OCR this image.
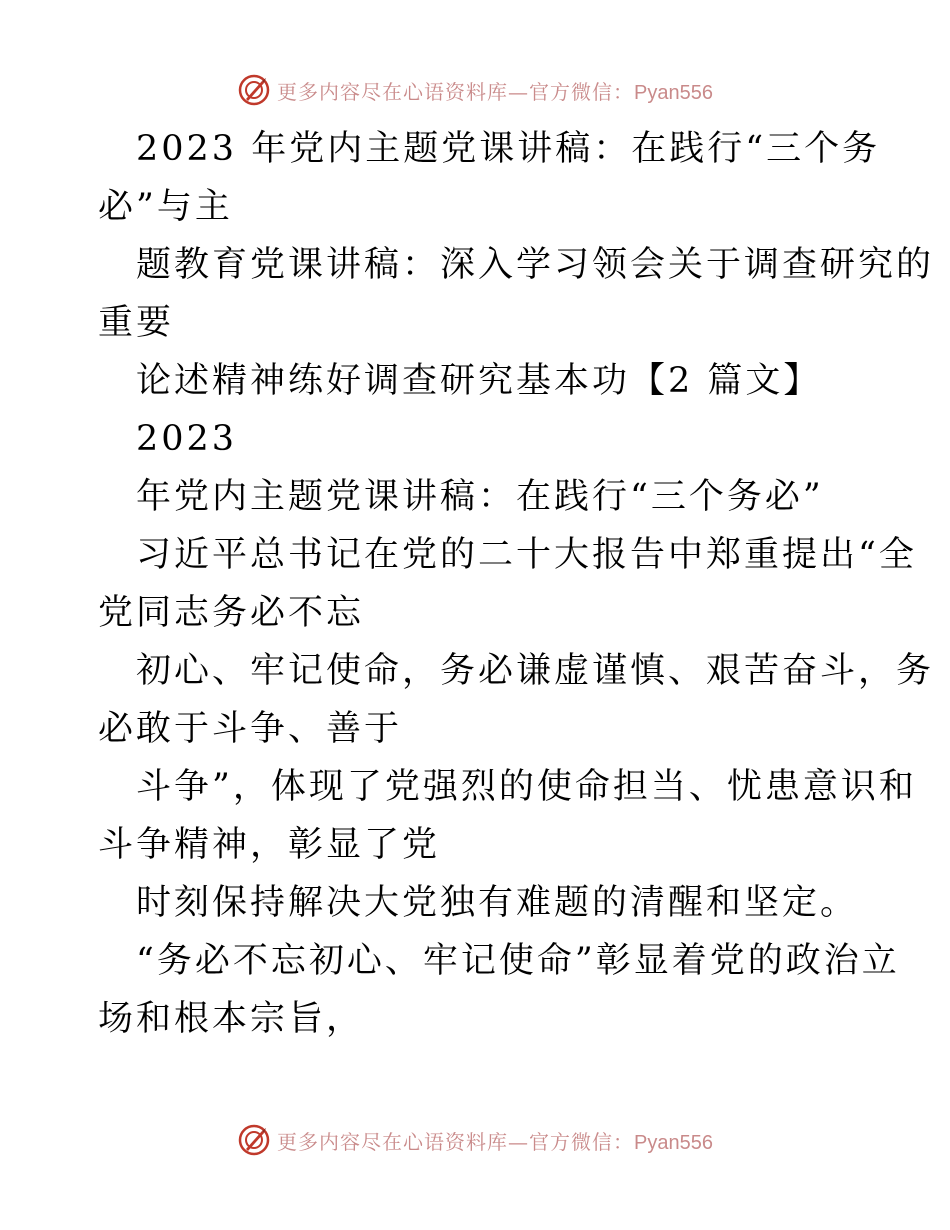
更多内容尽在心语资料库—官方微信：Pyan556
2023 年党内主题党课讲稿：在践行“三个务
必”与主
题教育党课讲稿：深入学习领会关于调查研究的
重要
论述精神练好调查研究基本功【2 篇文】
2023
年党内主题党课讲稿：在践行“三个务必”
习近平总书记在党的二十大报告中郑重提出“全
党同志务必不忘
初心、牢记使命，务必谦虚谨慎、艰苦奋斗，务
必敢于斗争、善于
斗争”，体现了党强烈的使命担当、忧患意识和
斗争精神，彰显了党
时刻保持解决大党独有难题的清醒和坚定。
“务必不忘初心、牢记使命”彰显着党的政治立
场和根本宗旨，
更多内容尽在心语资料库—官方微信：Pyan556
